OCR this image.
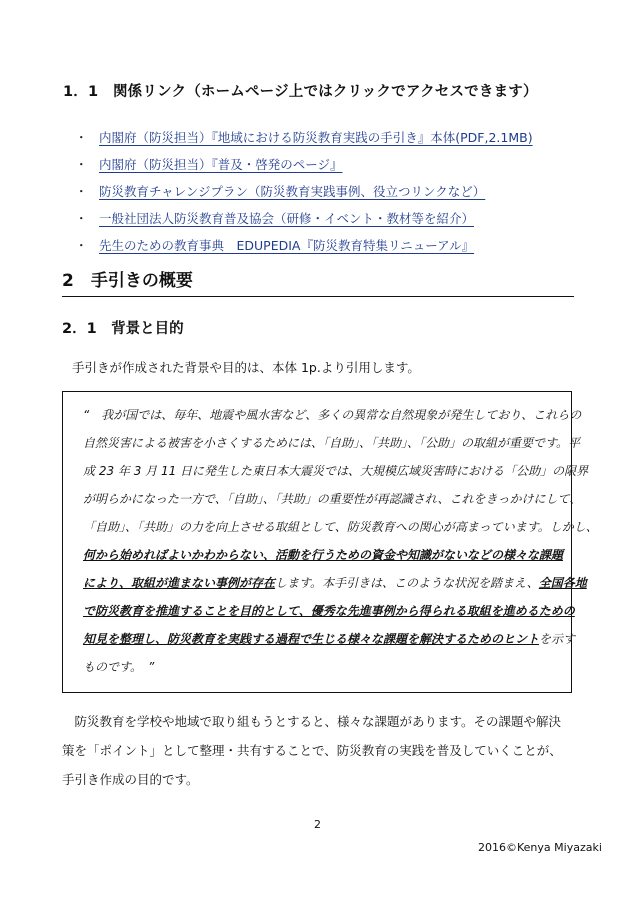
1．1　関係リンク（ホームページ上ではクリックでアクセスできます）
・ 内閣府（防災担当）『地域における防災教育実践の手引き』本体(PDF,2.1MB)
・ 内閣府（防災担当）『普及・啓発のページ』
・ 防災教育チャレンジプラン（防災教育実践事例、役立つリンクなど）
・ 一般社団法人防災教育普及協会（研修・イベント・教材等を紹介）
・ 先生のための教育事典　EDUPEDIA『防災教育特集リニューアル』
2　手引きの概要
2．1　背景と目的
手引きが作成された背景や目的は、本体 1p.より引用します。
“　我が国では、毎年、地震や風水害など、多くの異常な自然現象が発生しており、これらの
自然災害による被害を小さくするためには、「自助」、「共助」、「公助」の取組が重要です。平
成 23 年 3 月 11 日に発生した東日本大震災では、大規模広域災害時における「公助」の限界
が明らかになった一方で、「自助」、「共助」の重要性が再認識され、これをきっかけにして、
「自助」、「共助」の力を向上させる取組として、防災教育への関心が高まっています。しかし、
何から始めればよいかわからない、活動を行うための資金や知識がないなどの様々な課題
により、取組が進まない事例が存在します。本手引きは、このような状況を踏まえ、全国各地
で防災教育を推進することを目的として、優秀な先進事例から得られる取組を進めるための
知見を整理し、防災教育を実践する過程で生じる様々な課題を解決するためのヒントを示す
ものです。　”
　防災教育を学校や地域で取り組もうとすると、様々な課題があります。その課題や解決
策を「ポイント」として整理・共有することで、防災教育の実践を普及していくことが、
手引き作成の目的です。
2
2016©Kenya Miyazaki
